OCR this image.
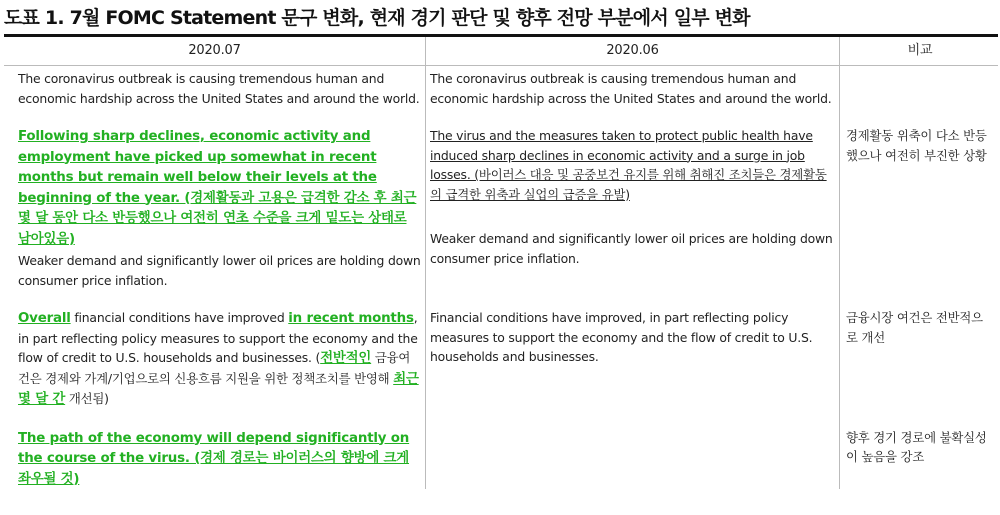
도표 1. 7월 FOMC Statement 문구 변화, 현재 경기 판단 및 향후 전망 부분에서 일부 변화
2020.07	2020.06	비교
The coronavirus outbreak is causing tremendous human and economic hardship across the United States and around the world.	The coronavirus outbreak is causing tremendous human and economic hardship across the United States and around the world.	
Following sharp declines, economic activity and employment have picked up somewhat in recent months but remain well below their levels at the beginning of the year. (경제활동과 고용은 급격한 감소 후 최근 몇 달 동안 다소 반등했으나 여전히 연초 수준을 크게 밑도는 상태로 남아있음)	The virus and the measures taken to protect public health have induced sharp declines in economic activity and a surge in job losses. (바이러스 대응 및 공중보건 유지를 위해 취해진 조치들은 경제활동의 급격한 위축과 실업의 급증을 유발)	경제활동 위축이 다소 반등했으나 여전히 부진한 상황
Weaker demand and significantly lower oil prices are holding down consumer price inflation.	Weaker demand and significantly lower oil prices are holding down consumer price inflation.	

Overall financial conditions have improved in recent months, in part reflecting policy measures to support the economy and the flow of credit to U.S. households and businesses. (전반적인 금융여건은 경제와 가계/기업으로의 신용흐름 지원을 위한 정책조치를 반영해 최근 몇 달 간 개선됨)	Financial conditions have improved, in part reflecting policy measures to support the economy and the flow of credit to U.S. households and businesses.	금융시장 여건은 전반적으로 개선
The path of the economy will depend significantly on the course of the virus. (경제 경로는 바이러스의 향방에 크게 좌우될 것)		향후 경기 경로에 불확실성이 높음을 강조
